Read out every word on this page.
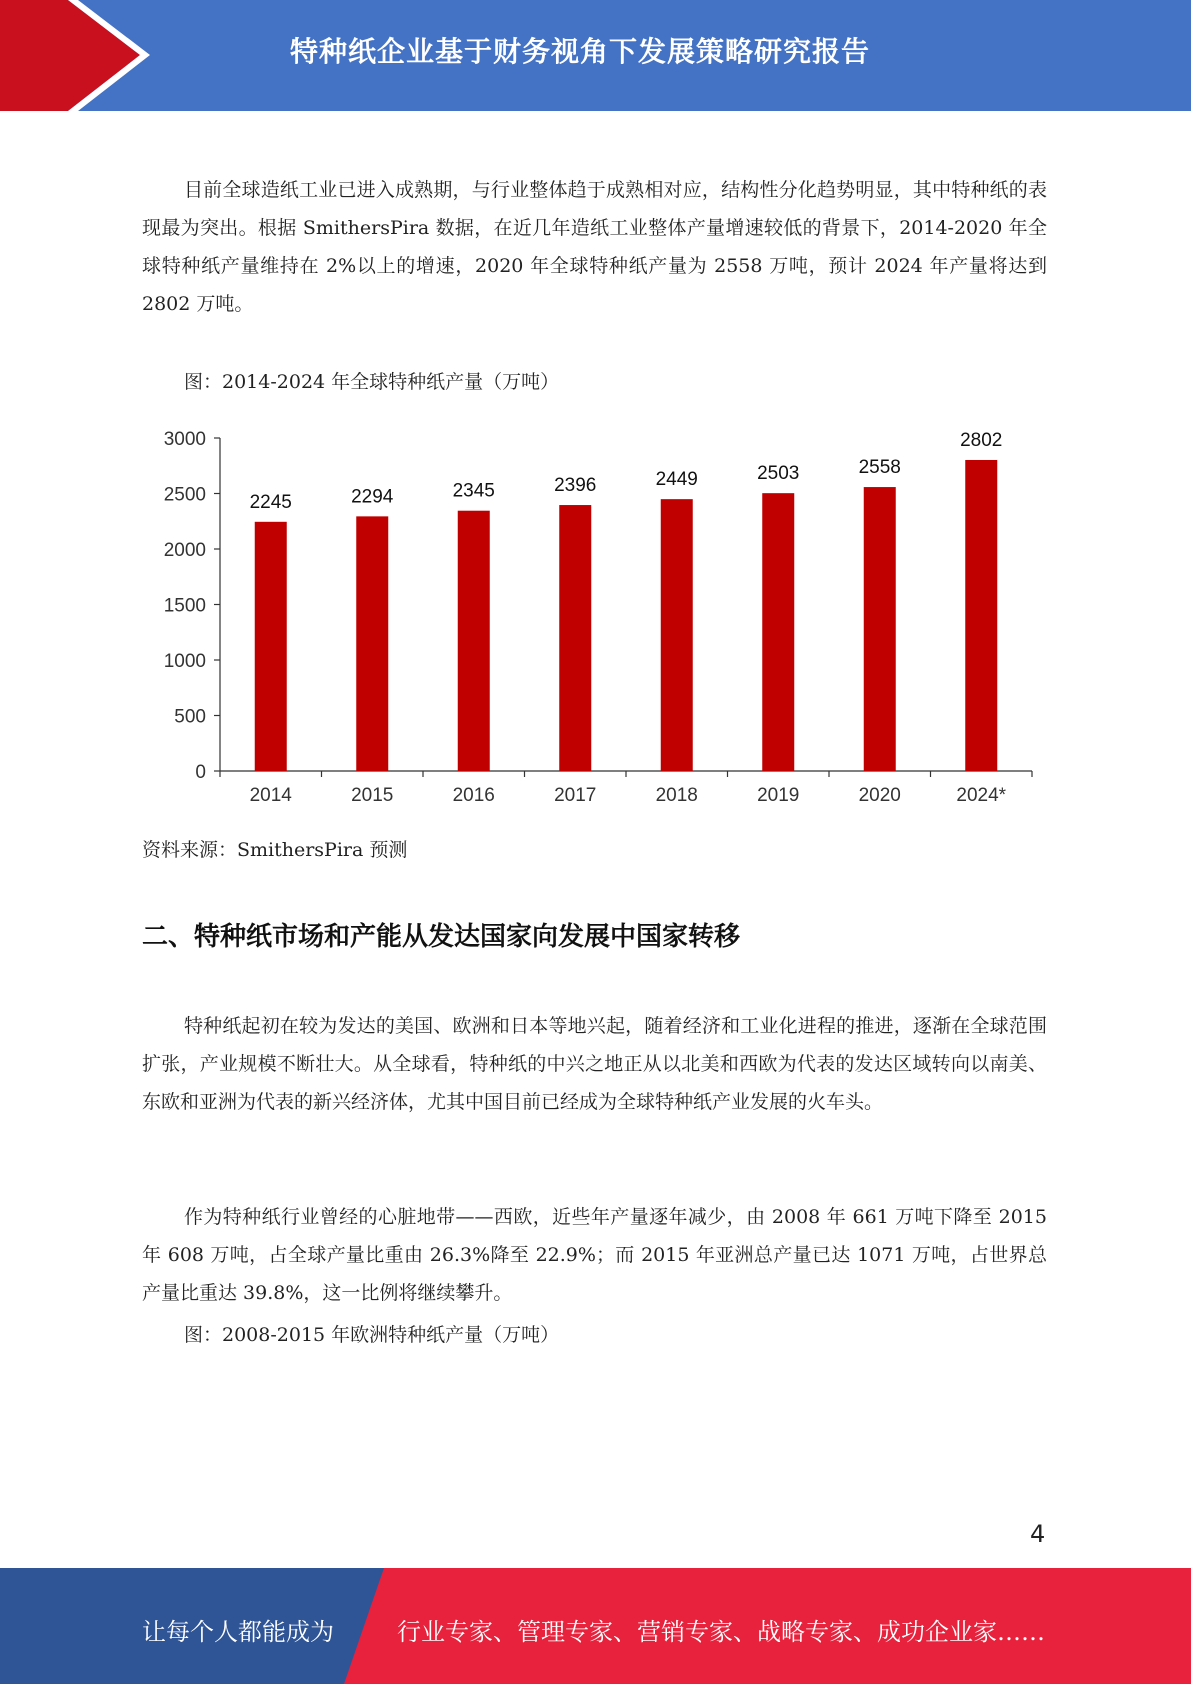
特种纸企业基于财务视角下发展策略研究报告

目前全球造纸工业已进入成熟期，与行业整体趋于成熟相对应，结构性分化趋势明显，其中特种纸的表现最为突出。根据 SmithersPira 数据，在近几年造纸工业整体产量增速较低的背景下，2014-2020 年全球特种纸产量维持在 2%以上的增速，2020 年全球特种纸产量为 2558 万吨，预计 2024 年产量将达到 2802 万吨。

图：2014-2024 年全球特种纸产量（万吨）

0
500
1000
1500
2000
2500
3000
2014	2015	2016	2017	2018	2019	2020	2024*
2245	2294	2345	2396	2449	2503	2558
2802

资料来源：SmithersPira 预测

二、特种纸市场和产能从发达国家向发展中国家转移

特种纸起初在较为发达的美国、欧洲和日本等地兴起，随着经济和工业化进程的推进，逐渐在全球范围扩张，产业规模不断壮大。从全球看，特种纸的中兴之地正从以北美和西欧为代表的发达区域转向以南美、东欧和亚洲为代表的新兴经济体，尤其中国目前已经成为全球特种纸产业发展的火车头。

作为特种纸行业曾经的心脏地带——西欧，近些年产量逐年减少，由 2008 年 661 万吨下降至 2015 年 608 万吨，占全球产量比重由 26.3%降至 22.9%；而 2015 年亚洲总产量已达 1071 万吨，占世界总产量比重达 39.8%，这一比例将继续攀升。

图：2008-2015 年欧洲特种纸产量（万吨）

4
让每个人都能成为	行业专家、管理专家、营销专家、战略专家、成功企业家……
